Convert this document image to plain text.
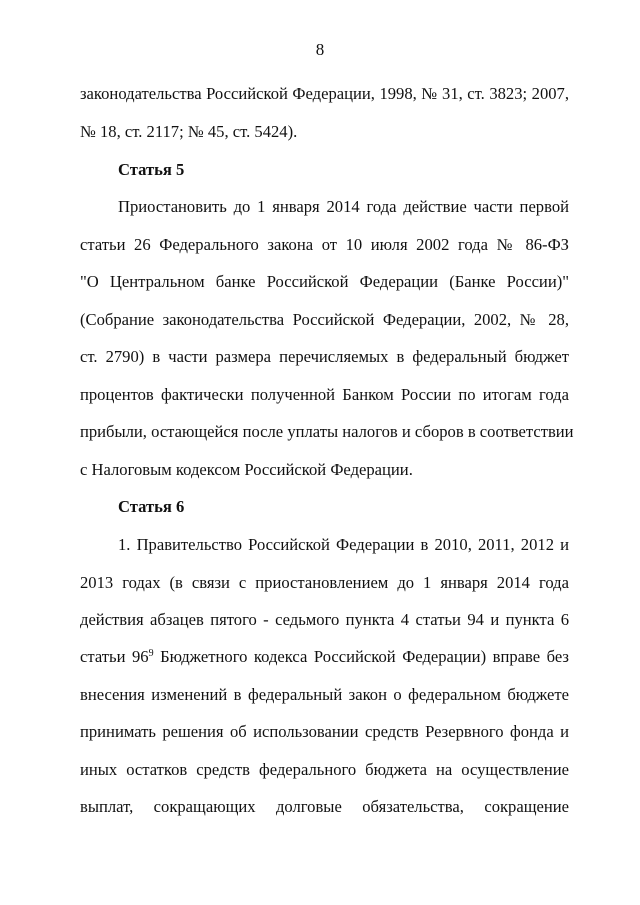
8
законодательства Российской Федерации, 1998, № 31, ст. 3823; 2007,
№ 18, ст. 2117; № 45, ст. 5424).
Статья 5
Приостановить до 1 января 2014 года действие части первой
статьи 26 Федерального закона от 10 июля 2002 года № 86-ФЗ
"О Центральном банке Российской Федерации (Банке России)"
(Собрание законодательства Российской Федерации, 2002, № 28,
ст. 2790) в части размера перечисляемых в федеральный бюджет
процентов фактически полученной Банком России по итогам года
прибыли, остающейся после уплаты налогов и сборов в соответствии
с Налоговым кодексом Российской Федерации.
Статья 6
1. Правительство Российской Федерации в 2010, 2011, 2012 и
2013 годах (в связи с приостановлением до 1 января 2014 года
действия абзацев пятого - седьмого пункта 4 статьи 94 и пункта 6
статьи $96^9$ Бюджетного кодекса Российской Федерации) вправе без
внесения изменений в федеральный закон о федеральном бюджете
принимать решения об использовании средств Резервного фонда и
иных остатков средств федерального бюджета на осуществление
выплат, сокращающих долговые обязательства, сокращение
